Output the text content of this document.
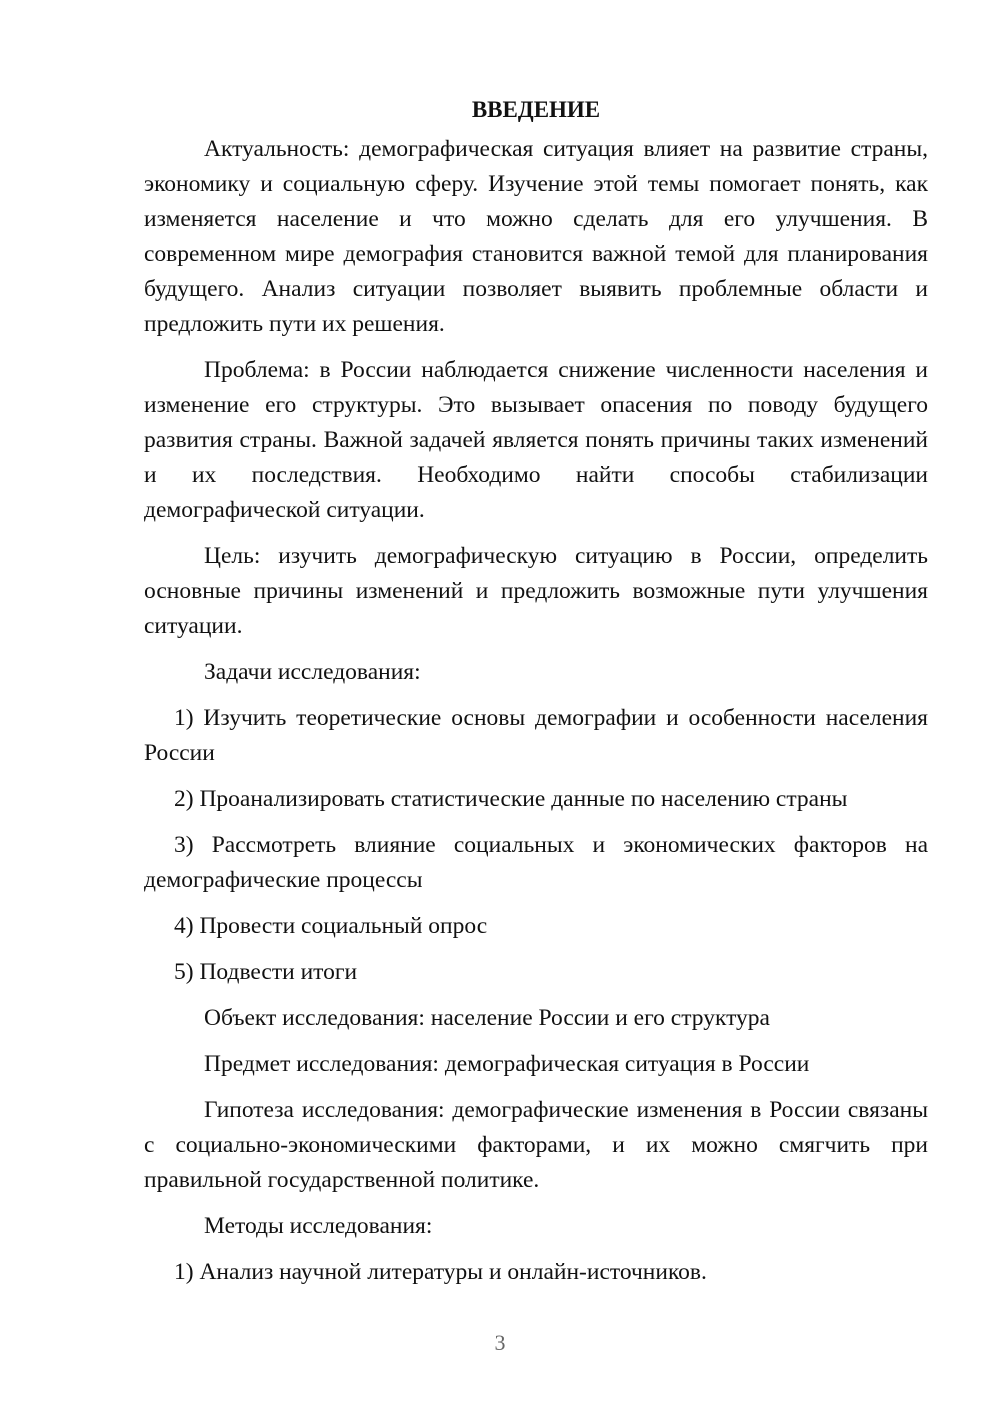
ВВЕДЕНИЕ

Актуальность: демографическая ситуация влияет на развитие страны, экономику и социальную сферу. Изучение этой темы помогает понять, как изменяется население и что можно сделать для его улучшения. В современном мире демография становится важной темой для планирования будущего. Анализ ситуации позволяет выявить проблемные области и предложить пути их решения.

Проблема: в России наблюдается снижение численности населения и изменение его структуры. Это вызывает опасения по поводу будущего развития страны. Важной задачей является понять причины таких изменений и их последствия. Необходимо найти способы стабилизации демографической ситуации.

Цель: изучить демографическую ситуацию в России, определить основные причины изменений и предложить возможные пути улучшения ситуации.

Задачи исследования:

1) Изучить теоретические основы демографии и особенности населения России

2) Проанализировать статистические данные по населению страны

3) Рассмотреть влияние социальных и экономических факторов на демографические процессы

4) Провести социальный опрос

5) Подвести итоги

Объект исследования: население России и его структура

Предмет исследования: демографическая ситуация в России

Гипотеза исследования: демографические изменения в России связаны с социально-экономическими факторами, и их можно смягчить при правильной государственной политике.

Методы исследования:

1) Анализ научной литературы и онлайн-источников.

3
